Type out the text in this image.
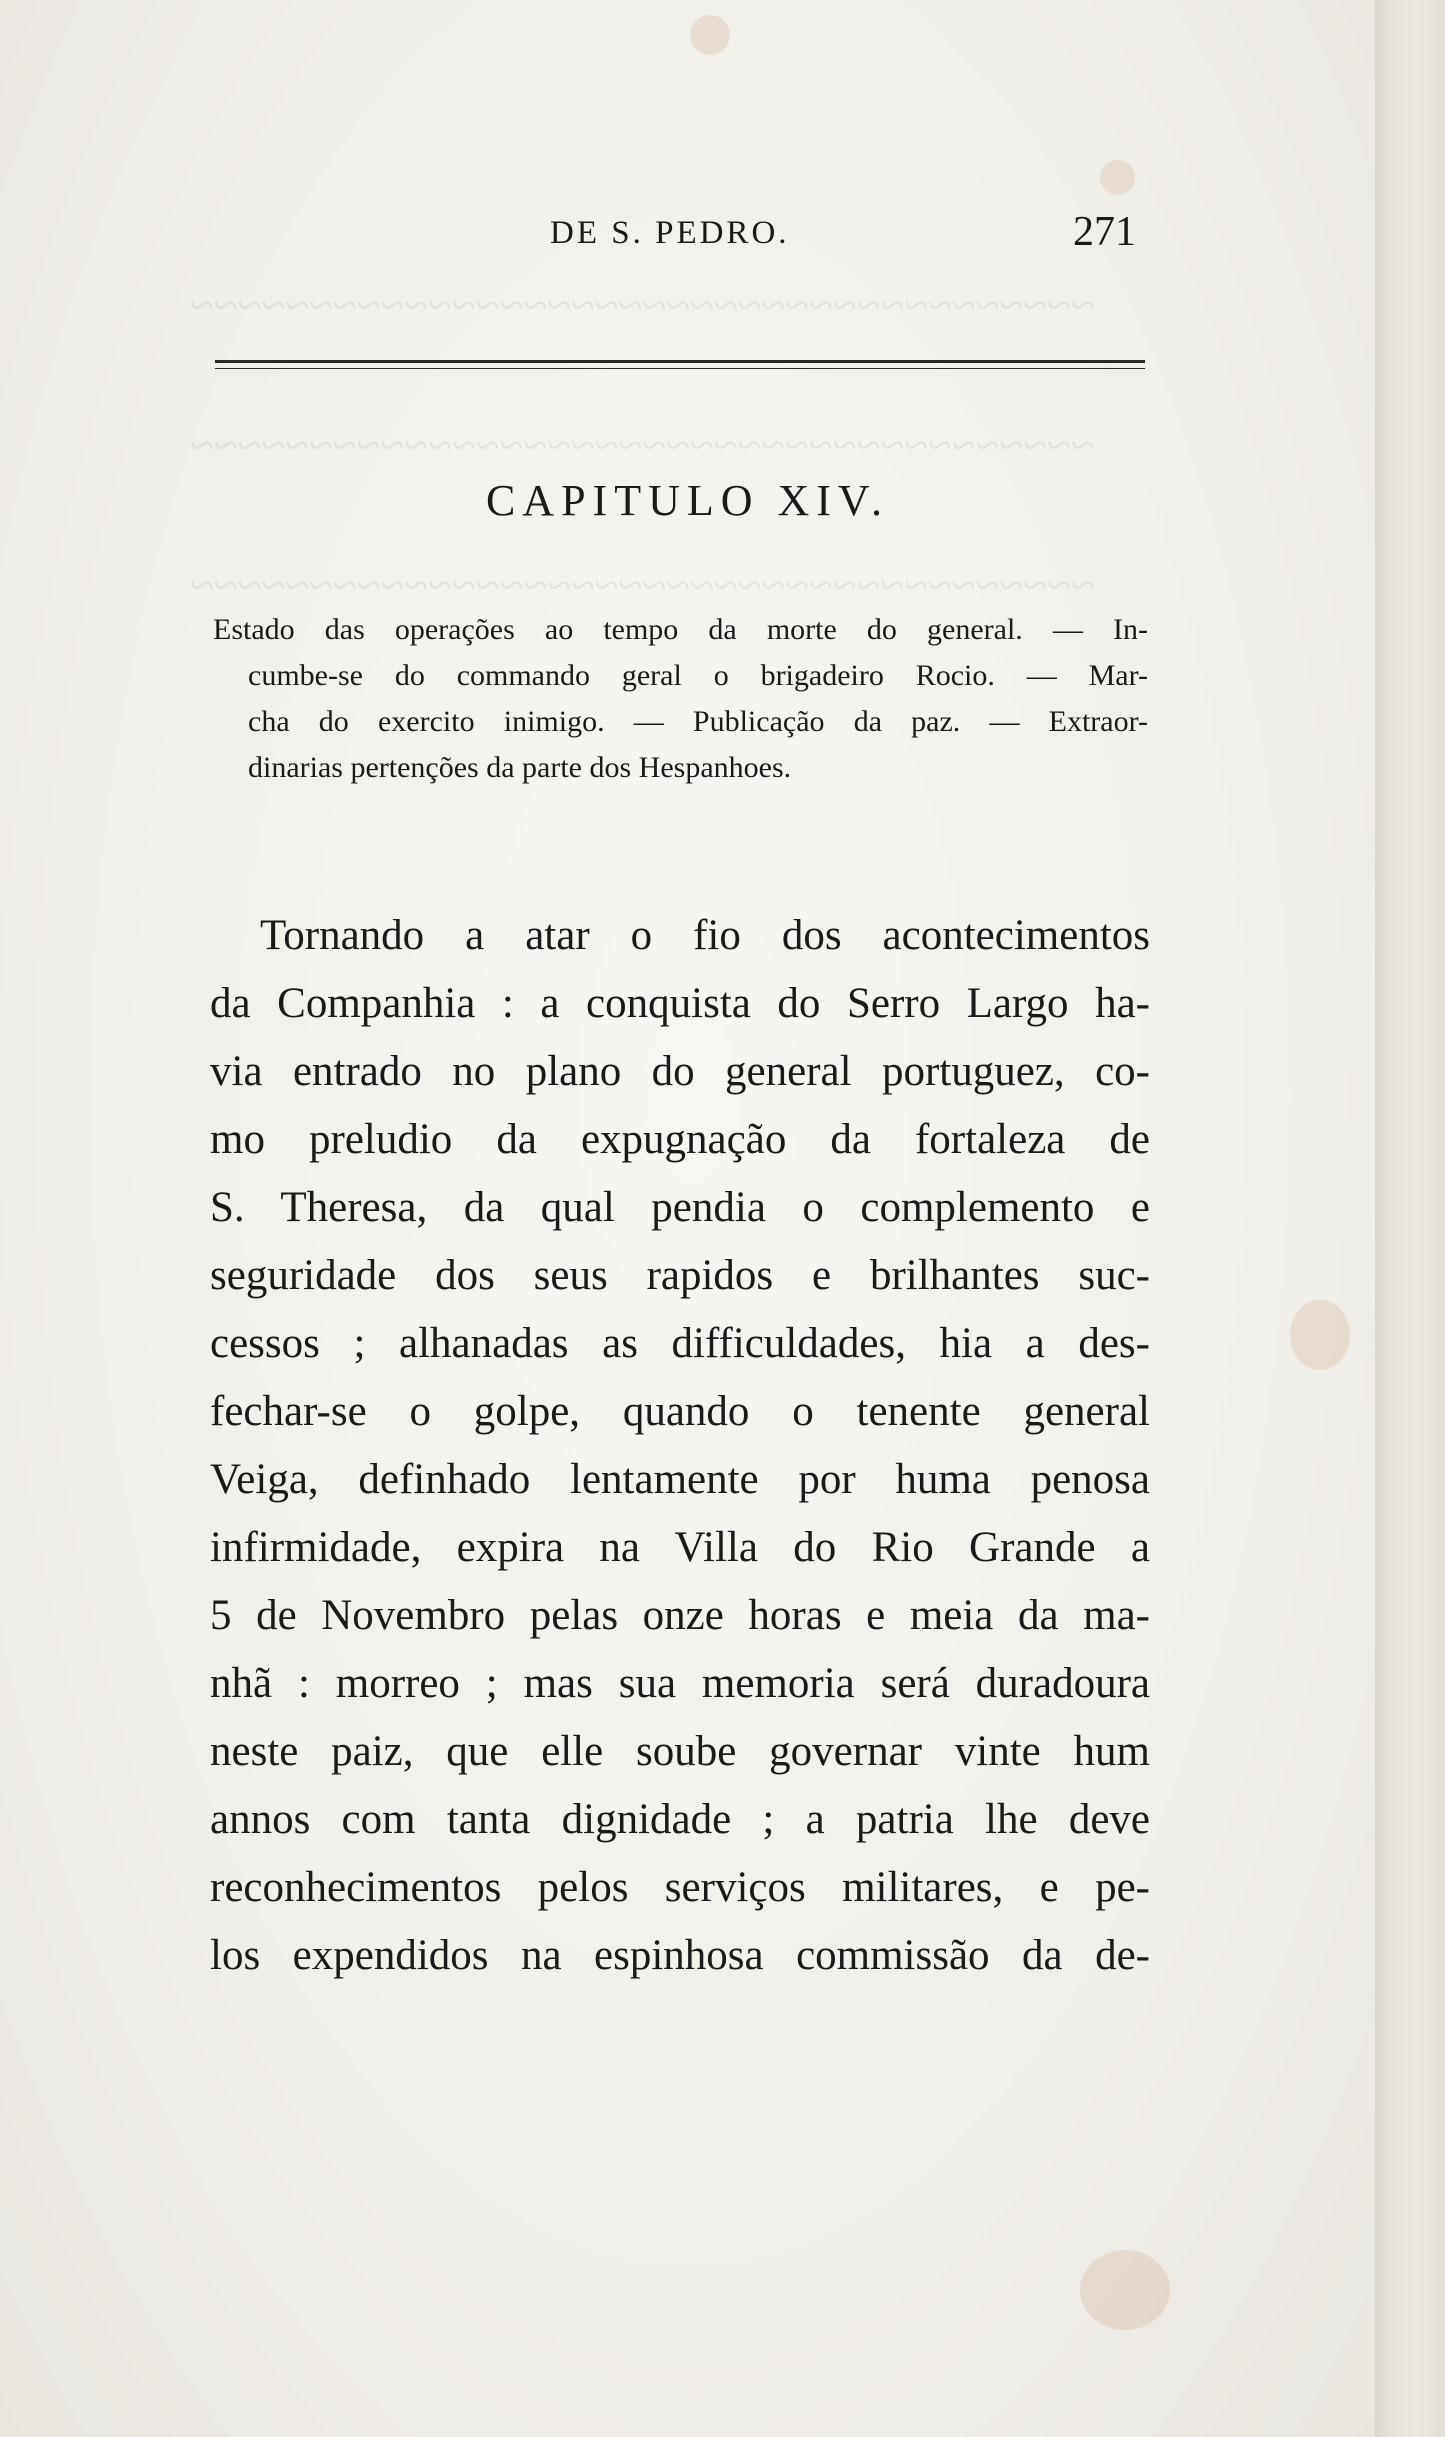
~~~~~~~~~~~~~~~~~~~~~~~~~~~~~~~~~~~~~~
~~~~~~~~~~~~~~~~~~~~~~~~~~~~~~~~~~~~~~
~~~~~~~~~~~~~~~~~~~~~~~~~~~~~~~~~~~~~~
DE S. PEDRO.	271
CAPITULO XIV.
Estado das operações ao tempo da morte do general. — In-
cumbe-se do commando geral o brigadeiro Rocio. — Mar-
cha do exercito inimigo. — Publicação da paz. — Extraor-
dinarias pertenções da parte dos Hespanhoes.
Tornando a atar o fio dos acontecimentos
da Companhia : a conquista do Serro Largo ha-
via entrado no plano do general portuguez, co-
mo preludio da expugnação da fortaleza de
S. Theresa, da qual pendia o complemento e
seguridade dos seus rapidos e brilhantes suc-
cessos ; alhanadas as difficuldades, hia a des-
fechar-se o golpe, quando o tenente general
Veiga, definhado lentamente por huma penosa
infirmidade, expira na Villa do Rio Grande a
5 de Novembro pelas onze horas e meia da ma-
nhã : morreo ; mas sua memoria será duradoura
neste paiz, que elle soube governar vinte hum
annos com tanta dignidade ; a patria lhe deve
reconhecimentos pelos serviços militares, e pe-
los expendidos na espinhosa commissão da de-
